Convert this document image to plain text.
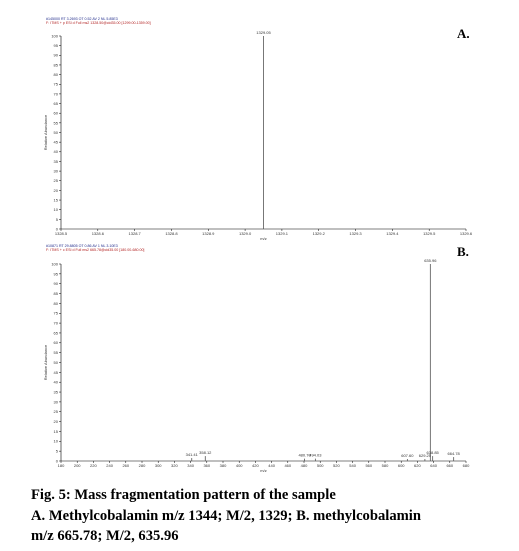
#145000 RT 3.2693 OT 0.52 AV 2 NL 5.85E3
F: ITMS + p ESI d Full ms2 1328.50@cid35.00 [1299.00-1359.00]
A.
0
5
10
15
20
25
30
35
40
45
50
55
60
65
70
75
80
85
90
95
100
1328.5	1328.6	1328.7	1328.8	1328.9	1329.0	1329.1	1329.2	1329.3	1329.4	1329.5	1329.6
m/z
Relative Abundance
1329.05
#10871 RT 29.8805 OT 0.86 AV 1 NL 3.10E3
F: ITMS + c ESI d Full ms2 665.78@cid35.00 [180.00-680.00]	B.
0
5
10
15
20
25
30
35
40
45
50
55
60
65
70
75
80
85
90
95
100
180 200 220 240 260 280 300 320 340 360 380 400 420 440 460 480 500 520 540 560 580 600 620 640 660 680
m/z
Relative Abundance
341.41 358.12
480.70
494.03	607.60 629.25
635.96
638.85 664.78
Fig. 5: Mass fragmentation pattern of the sample
A. Methylcobalamin m/z 1344; M/2, 1329; B. methylcobalamin
m/z 665.78; M/2, 635.96
